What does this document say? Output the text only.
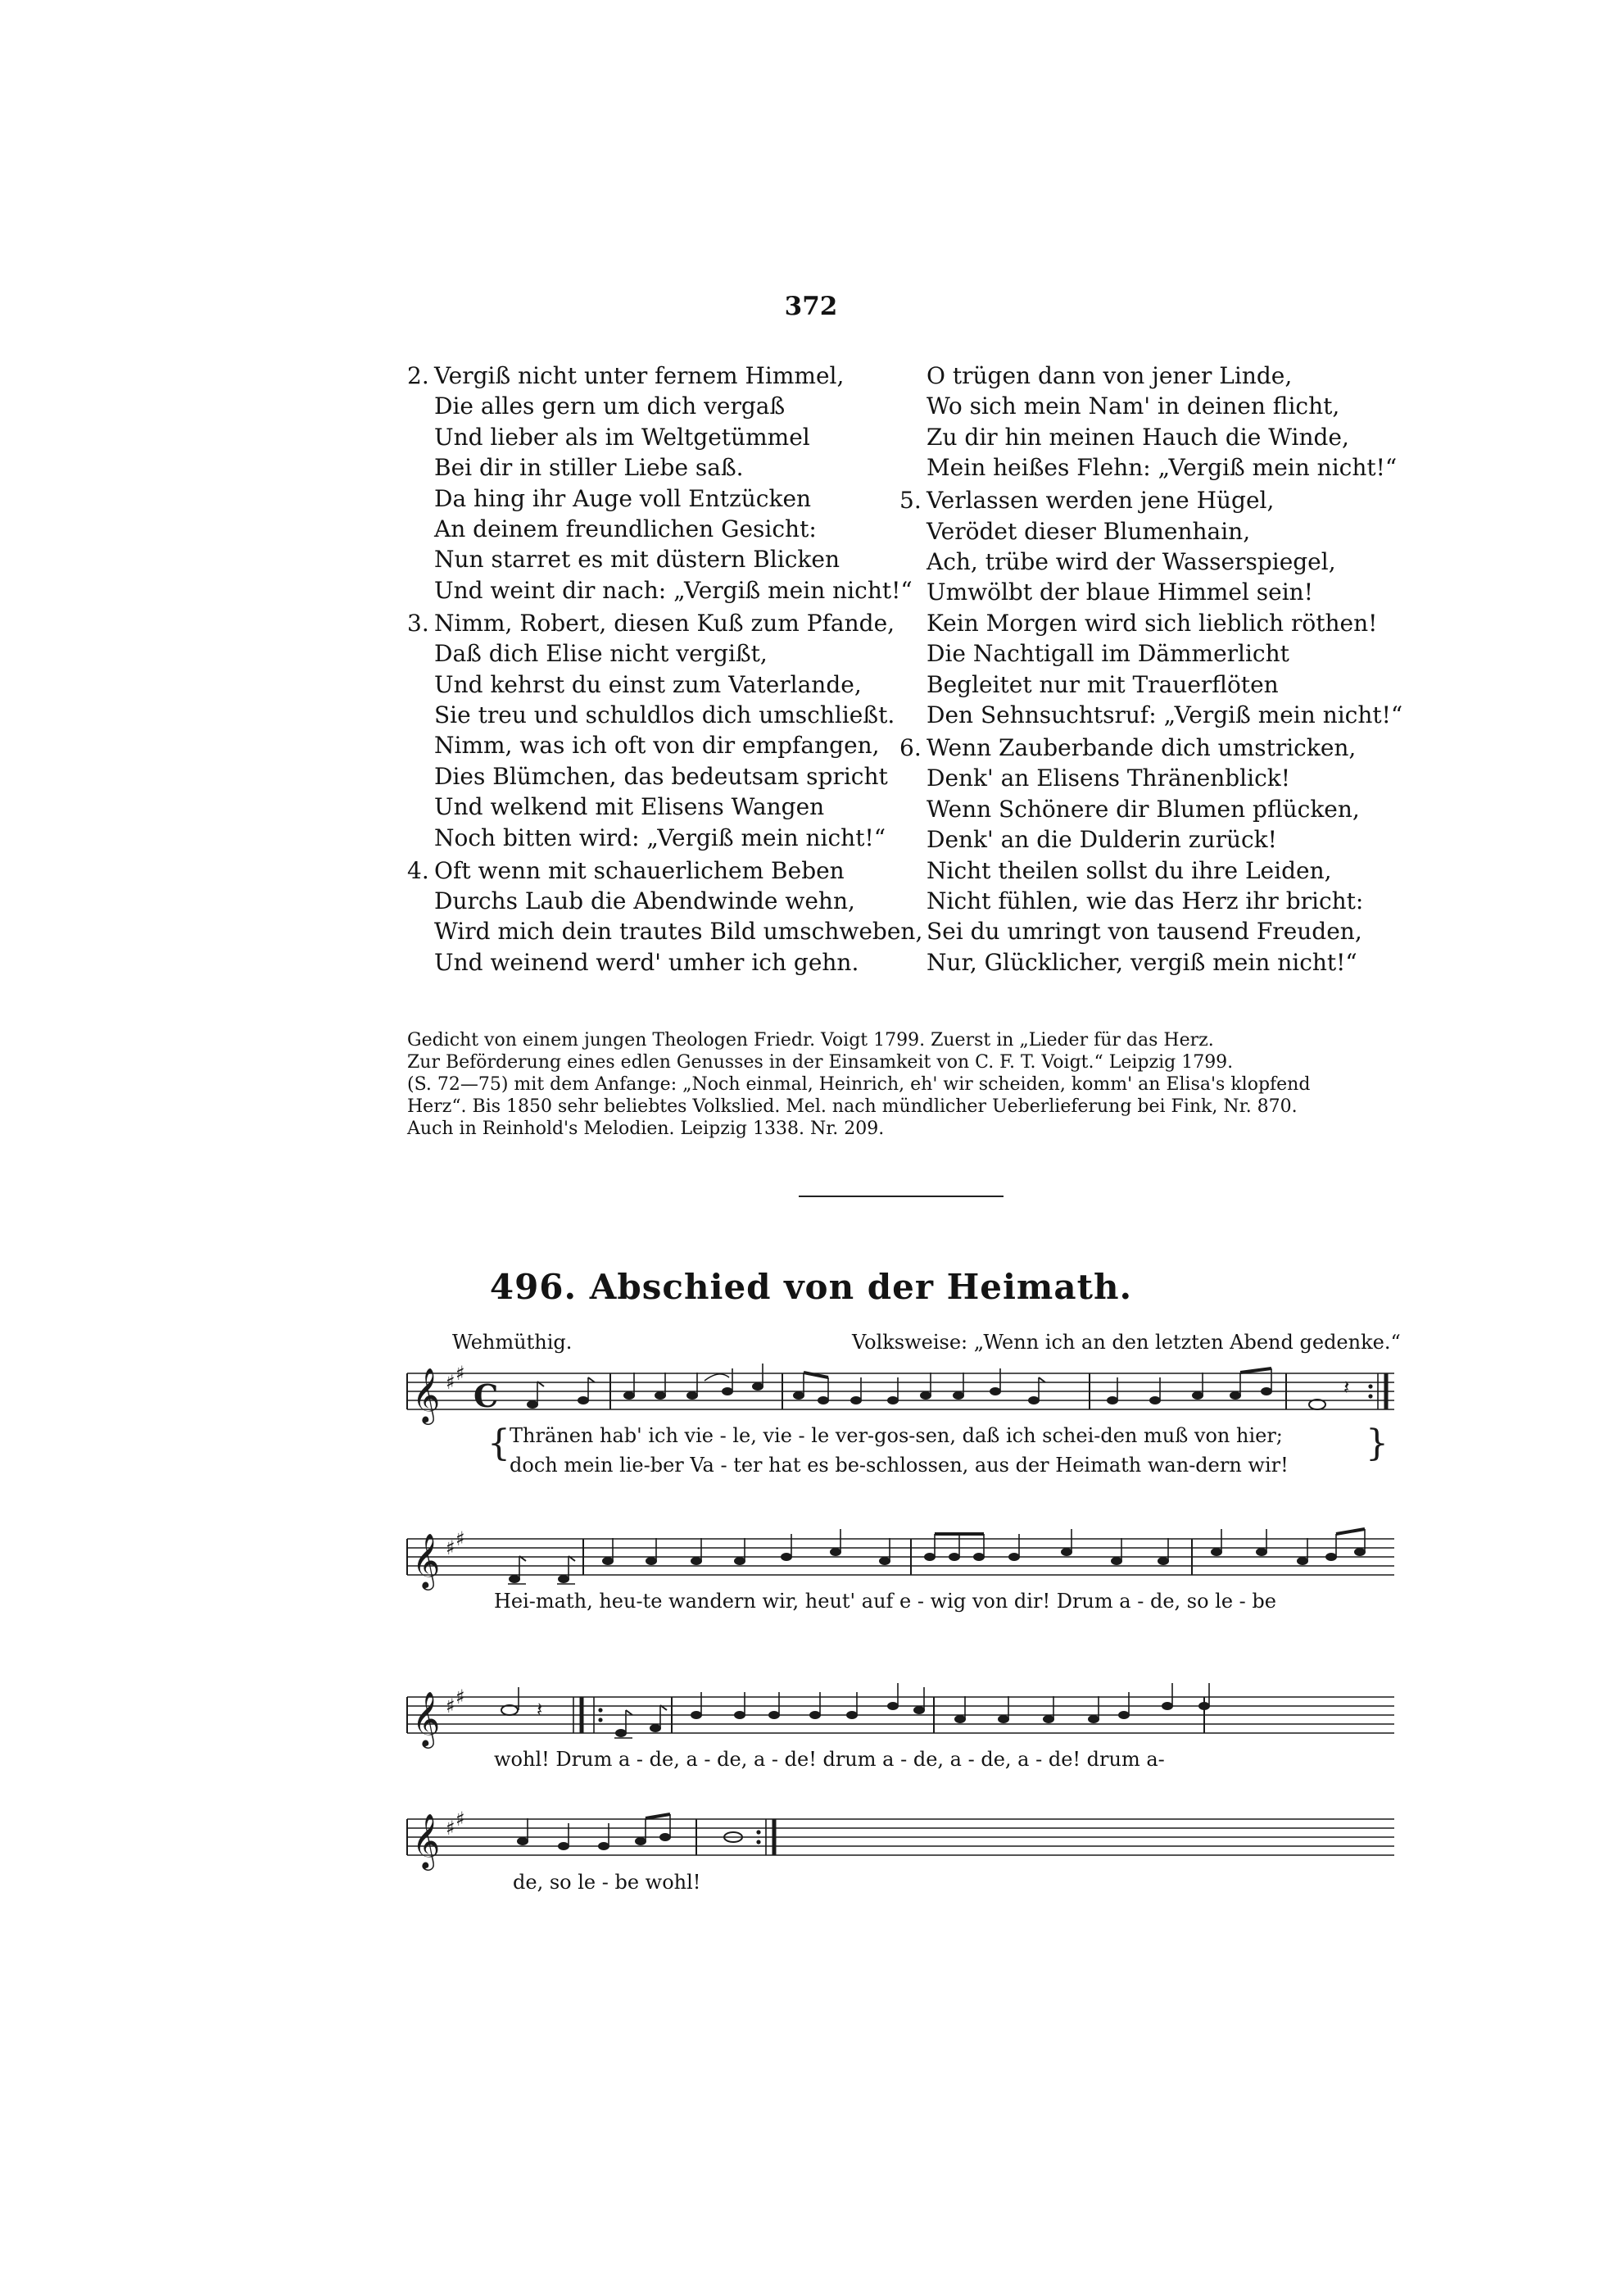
372
2. Vergiß nicht unter fernem Himmel,
Die alles gern um dich vergaß
Und lieber als im Weltgetümmel
Bei dir in stiller Liebe saß.
Da hing ihr Auge voll Entzücken
An deinem freundlichen Gesicht:
Nun starret es mit düstern Blicken
Und weint dir nach: „Vergiß mein nicht!“
3. Nimm, Robert, diesen Kuß zum Pfande,
Daß dich Elise nicht vergißt,
Und kehrst du einst zum Vaterlande,
Sie treu und schuldlos dich umschließt.
Nimm, was ich oft von dir empfangen,
Dies Blümchen, das bedeutsam spricht
Und welkend mit Elisens Wangen
Noch bitten wird: „Vergiß mein nicht!“
4. Oft wenn mit schauerlichem Beben
Durchs Laub die Abendwinde wehn,
Wird mich dein trautes Bild umschweben,
Und weinend werd' umher ich gehn.
O trügen dann von jener Linde,
Wo sich mein Nam' in deinen flicht,
Zu dir hin meinen Hauch die Winde,
Mein heißes Flehn: „Vergiß mein nicht!“
5. Verlassen werden jene Hügel,
Verödet dieser Blumenhain,
Ach, trübe wird der Wasserspiegel,
Umwölbt der blaue Himmel sein!
Kein Morgen wird sich lieblich röthen!
Die Nachtigall im Dämmerlicht
Begleitet nur mit Trauerflöten
Den Sehnsuchtsruf: „Vergiß mein nicht!“
6. Wenn Zauberbande dich umstricken,
Denk' an Elisens Thränenblick!
Wenn Schönere dir Blumen pflücken,
Denk' an die Dulderin zurück!
Nicht theilen sollst du ihre Leiden,
Nicht fühlen, wie das Herz ihr bricht:
Sei du umringt von tausend Freuden,
Nur, Glücklicher, vergiß mein nicht!“

Gedicht von einem jungen Theologen Friedr. Voigt 1799. Zuerst in „Lieder für das Herz.

Zur Beförderung eines edlen Genusses in der Einsamkeit von C. F. T. Voigt.“ Leipzig 1799.

(S. 72—75) mit dem Anfange: „Noch einmal, Heinrich, eh' wir scheiden, komm' an Elisa's klopfend

Herz“. Bis 1850 sehr beliebtes Volkslied. Mel. nach mündlicher Ueberlieferung bei Fink, Nr. 870.

Auch in Reinhold's Melodien. Leipzig 1338. Nr. 209.

496. Abschied von der Heimath.
Wehmüthig.	Volksweise: „Wenn ich an den letzten Abend gedenke.“
𝄞 ♯ ♯
C	𝄽
{	}
𝄞 ♯ ♯
𝄞 ♯ ♯
𝄽
𝄞 ♯ ♯
Thränen hab' ich vie - le, vie - le ver-gos-sen, daß ich schei-den muß von hier;
doch mein lie-ber Va - ter hat es be-schlossen, aus der Heimath wan-dern wir!
Hei-math, heu-te wandern wir, heut' auf e - wig von dir! Drum a - de, so le - be
wohl! Drum a - de, a - de, a - de! drum a - de, a - de, a - de! drum a-
de, so le - be wohl!
